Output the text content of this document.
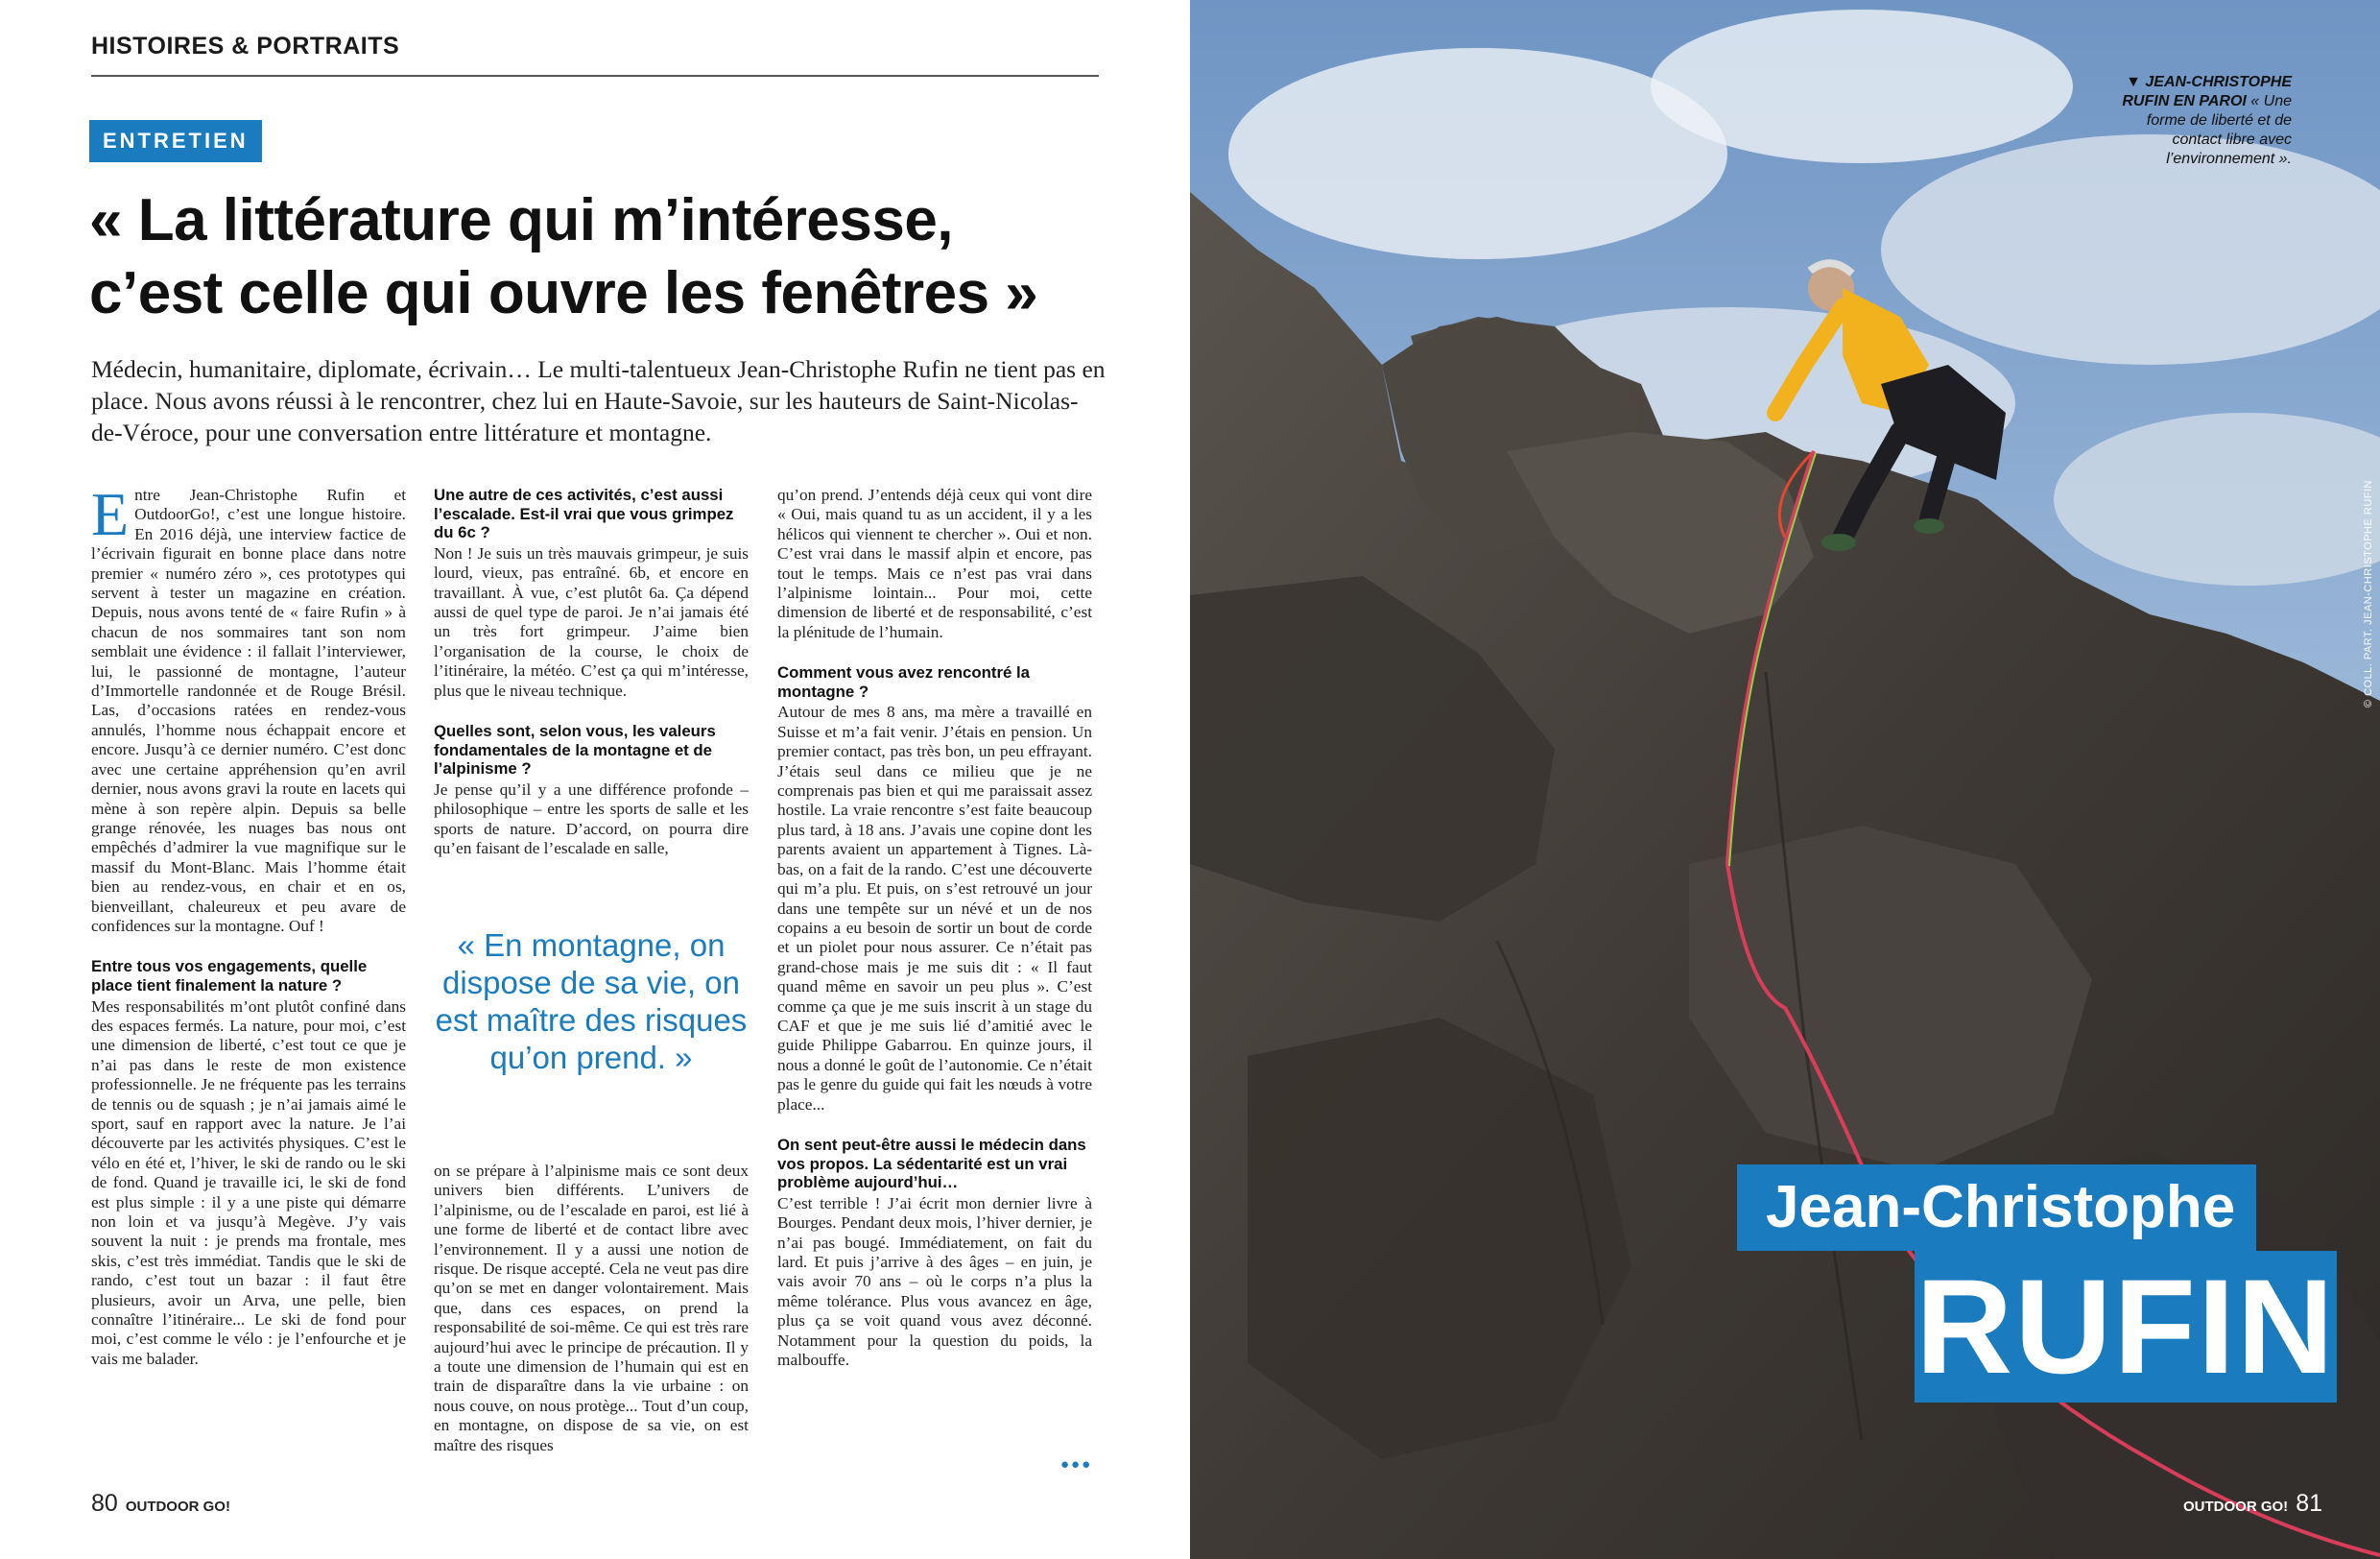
HISTOIRES & PORTRAITS
ENTRETIEN
« La littérature qui m’intéresse,
c’est celle qui ouvre les fenêtres »
Médecin, humanitaire, diplomate, écrivain… Le multi-talentueux Jean-Christophe Rufin ne tient pas en place. Nous avons réussi à le rencontrer, chez lui en Haute-Savoie, sur les hauteurs de Saint-Nicolas-de-Véroce, pour une conversation entre littérature et montagne.

Entre Jean-Christophe Rufin et OutdoorGo!, c’est une longue histoire. En 2016 déjà, une interview factice de l’écrivain figurait en bonne place dans notre premier « numéro zéro », ces prototypes qui servent à tester un magazine en création. Depuis, nous avons tenté de « faire Rufin » à chacun de nos sommaires tant son nom semblait une évidence : il fallait l’interviewer, lui, le passionné de montagne, l’auteur d’Immortelle randonnée et de Rouge Brésil. Las, d’occasions ratées en rendez-vous annulés, l’homme nous échappait encore et encore. Jusqu’à ce dernier numéro. C’est donc avec une certaine appréhension qu’en avril dernier, nous avons gravi la route en lacets qui mène à son repère alpin. Depuis sa belle grange rénovée, les nuages bas nous ont empêchés d’admirer la vue magnifique sur le massif du Mont-Blanc. Mais l’homme était bien au rendez-vous, en chair et en os, bienveillant, chaleureux et peu avare de confidences sur la montagne. Ouf !

Entre tous vos engagements, quelle place tient finalement la nature ?

Mes responsabilités m’ont plutôt confiné dans des espaces fermés. La nature, pour moi, c’est une dimension de liberté, c’est tout ce que je n’ai pas dans le reste de mon existence professionnelle. Je ne fréquente pas les terrains de tennis ou de squash ; je n’ai jamais aimé le sport, sauf en rapport avec la nature. Je l’ai découverte par les activités physiques. C’est le vélo en été et, l’hiver, le ski de rando ou le ski de fond. Quand je travaille ici, le ski de fond est plus simple : il y a une piste qui démarre non loin et va jusqu’à Megève. J’y vais souvent la nuit : je prends ma frontale, mes skis, c’est très immédiat. Tandis que le ski de rando, c’est tout un bazar : il faut être plusieurs, avoir un Arva, une pelle, bien connaître l’itinéraire... Le ski de fond pour moi, c’est comme le vélo : je l’enfourche et je vais me balader.

Une autre de ces activités, c’est aussi l’escalade. Est-il vrai que vous grimpez du 6c ?

Non ! Je suis un très mauvais grimpeur, je suis lourd, vieux, pas entraîné. 6b, et encore en travaillant. À vue, c’est plutôt 6a. Ça dépend aussi de quel type de paroi. Je n’ai jamais été un très fort grimpeur. J’aime bien l’organisation de la course, le choix de l’itinéraire, la météo. C’est ça qui m’intéresse, plus que le niveau technique.

Quelles sont, selon vous, les valeurs fondamentales de la montagne et de l’alpinisme ?

Je pense qu’il y a une différence profonde – philosophique – entre les sports de salle et les sports de nature. D’accord, on pourra dire qu’en faisant de l’escalade en salle,

« En montagne, on dispose de sa vie, on est maître des risques qu’on prend. »

on se prépare à l’alpinisme mais ce sont deux univers bien différents. L’univers de l’alpinisme, ou de l’escalade en paroi, est lié à une forme de liberté et de contact libre avec l’environnement. Il y a aussi une notion de risque. De risque accepté. Cela ne veut pas dire qu’on se met en danger volontairement. Mais que, dans ces espaces, on prend la responsabilité de soi-même. Ce qui est très rare aujourd’hui avec le principe de précaution. Il y a toute une dimension de l’humain qui est en train de disparaître dans la vie urbaine : on nous couve, on nous protège... Tout d’un coup, en montagne, on dispose de sa vie, on est maître des risques

qu’on prend. J’entends déjà ceux qui vont dire « Oui, mais quand tu as un accident, il y a les hélicos qui viennent te chercher ». Oui et non. C’est vrai dans le massif alpin et encore, pas tout le temps. Mais ce n’est pas vrai dans l’alpinisme lointain... Pour moi, cette dimension de liberté et de responsabilité, c’est la plénitude de l’humain.

Comment vous avez rencontré la montagne ?

Autour de mes 8 ans, ma mère a travaillé en Suisse et m’a fait venir. J’étais en pension. Un premier contact, pas très bon, un peu effrayant. J’étais seul dans ce milieu que je ne comprenais pas bien et qui me paraissait assez hostile. La vraie rencontre s’est faite beaucoup plus tard, à 18 ans. J’avais une copine dont les parents avaient un appartement à Tignes. Là-bas, on a fait de la rando. C’est une découverte qui m’a plu. Et puis, on s’est retrouvé un jour dans une tempête sur un névé et un de nos copains a eu besoin de sortir un bout de corde et un piolet pour nous assurer. Ce n’était pas grand-chose mais je me suis dit : « Il faut quand même en savoir un peu plus ». C’est comme ça que je me suis inscrit à un stage du CAF et que je me suis lié d’amitié avec le guide Philippe Gabarrou. En quinze jours, il nous a donné le goût de l’autonomie. Ce n’était pas le genre du guide qui fait les nœuds à votre place...

On sent peut-être aussi le médecin dans vos propos. La sédentarité est un vrai problème aujourd’hui…

C’est terrible ! J’ai écrit mon dernier livre à Bourges. Pendant deux mois, l’hiver dernier, je n’ai pas bougé. Immédiatement, on fait du lard. Et puis j’arrive à des âges – en juin, je vais avoir 70 ans – où le corps n’a plus la même tolérance. Plus vous avancez en âge, plus ça se voit quand vous avez déconné. Notamment pour la question du poids, la malbouffe.

●●●
80 OUTDOOR GO!
▼ JEAN-CHRISTOPHE RUFIN EN PAROI « Une forme de liberté et de contact libre avec l’environnement ».
© COLL. PART. JEAN-CHRISTOPHE RUFIN
Jean-Christophe
RUFIN
OUTDOOR GO! 81
